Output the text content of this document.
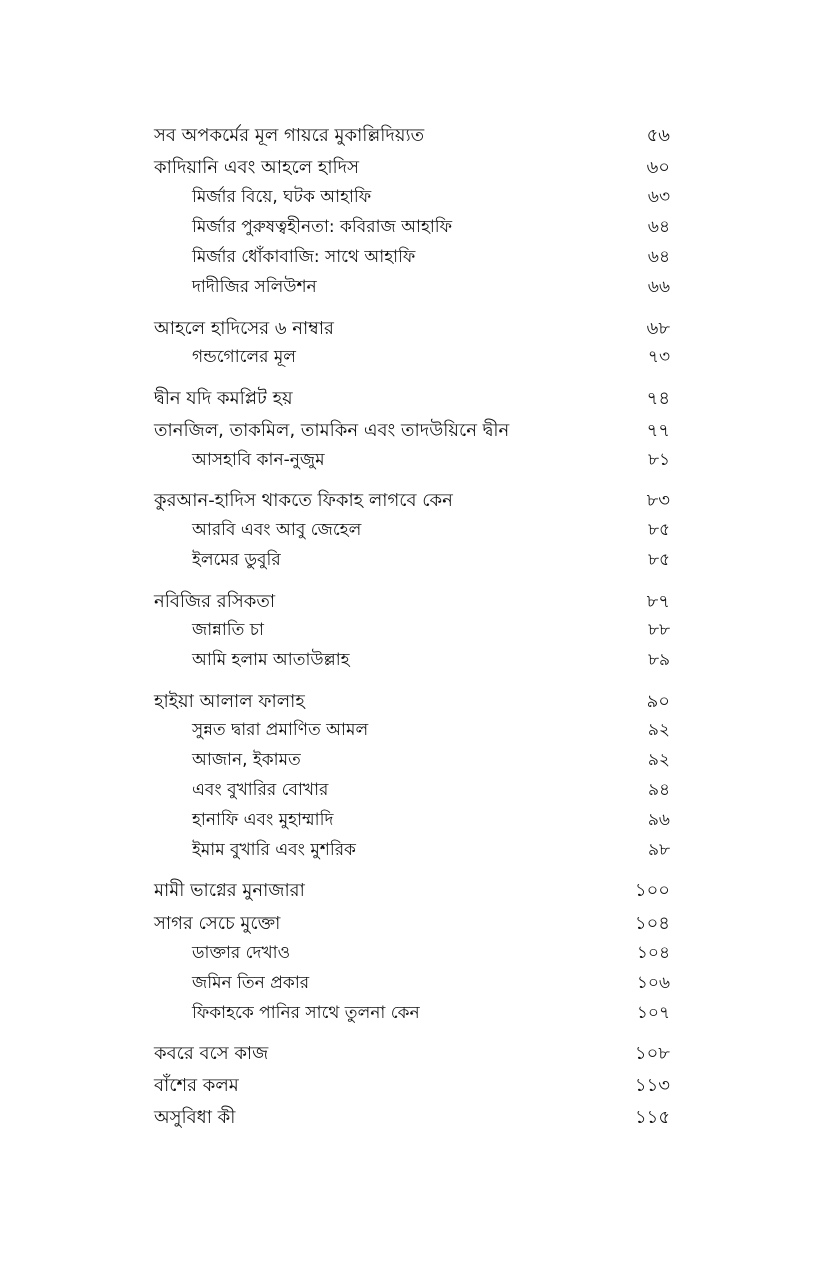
সব অপকর্মের মূল গায়রে মুকাল্লিদিয়্যত	৫৬
কাদিয়ানি এবং আহলে হাদিস	৬০
মির্জার বিয়ে, ঘটক আহাফি	৬৩
মির্জার পুরুষত্বহীনতা: কবিরাজ আহাফি	৬৪
মির্জার ধোঁকাবাজি: সাথে আহাফি	৬৪
দাদীজির সলিউশন	৬৬
আহলে হাদিসের ৬ নাম্বার	৬৮
গন্ডগোলের মূল	৭৩
দ্বীন যদি কমপ্লিট হয়	৭৪
তানজিল, তাকমিল, তামকিন এবং তাদউয়িনে দ্বীন	৭৭
আসহাবি কান-নুজুম	৮১
কুরআন-হাদিস থাকতে ফিকাহ লাগবে কেন	৮৩
আরবি এবং আবু জেহেল	৮৫
ইলমের ডুবুরি	৮৫
নবিজির রসিকতা	৮৭
জান্নাতি চা	৮৮
আমি হলাম আতাউল্লাহ	৮৯
হাইয়া আলাল ফালাহ	৯০
সুন্নত দ্বারা প্রমাণিত আমল	৯২
আজান, ইকামত	৯২
এবং বুখারির বোখার	৯৪
হানাফি এবং মুহাম্মাদি	৯৬
ইমাম বুখারি এবং মুশরিক	৯৮
মামী ভাগ্নের মুনাজারা	১০০
সাগর সেচে মুক্তো	১০৪
ডাক্তার দেখাও	১০৪
জমিন তিন প্রকার	১০৬
ফিকাহকে পানির সাথে তুলনা কেন	১০৭
কবরে বসে কাজ	১০৮
বাঁশের কলম	১১৩
অসুবিধা কী	১১৫
